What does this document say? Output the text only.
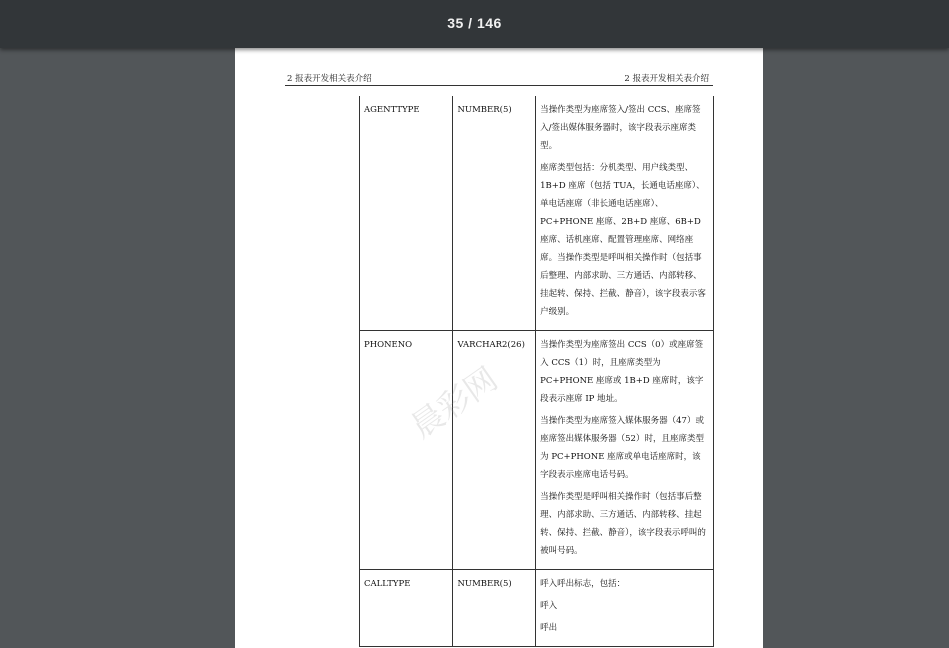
35 / 146
2 报表开发相关表介绍	2 报表开发相关表介绍
AGENTTYPE	NUMBER(5)	当操作类型为座席签入/签出 CCS、座席签入/签出媒体服务器时，该字段表示座席类型。
座席类型包括：分机类型、用户线类型、1B+D 座席（包括 TUA，长通电话座席）、单电话座席（非长通电话座席）、PC+PHONE 座席、2B+D 座席、6B+D 座席、话机座席、配置管理座席、网络座席。当操作类型是呼叫相关操作时（包括事后整理、内部求助、三方通话、内部转移、挂起转、保持、拦截、静音），该字段表示客户级别。

PHONENO	VARCHAR2(26)	当操作类型为座席签出 CCS（0）或座席签入 CCS（1）时，且座席类型为 PC+PHONE 座席或 1B+D 座席时，该字段表示座席 IP 地址。
当操作类型为座席签入媒体服务器（47）或座席签出媒体服务器（52）时，且座席类型为 PC+PHONE 座席或单电话座席时，该字段表示座席电话号码。
当操作类型是呼叫相关操作时（包括事后整理、内部求助、三方通话、内部转移、挂起转、保持、拦截、静音），该字段表示呼叫的被叫号码。

CALLTYPE	NUMBER(5)	呼入呼出标志，包括：
呼入
呼出
晨彩网
